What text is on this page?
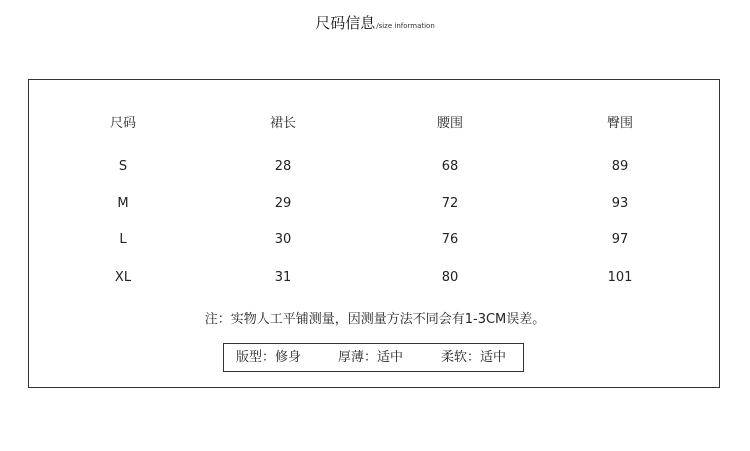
尺码信息/size information
尺码	裙长	腰围	臀围
S	28	68	89
M	29	72	93
L	30	76	97
XL	31	80	101
注：实物人工平铺测量，因测量方法不同会有1-3CM误差。
版型：修身	厚薄：适中	柔软：适中
